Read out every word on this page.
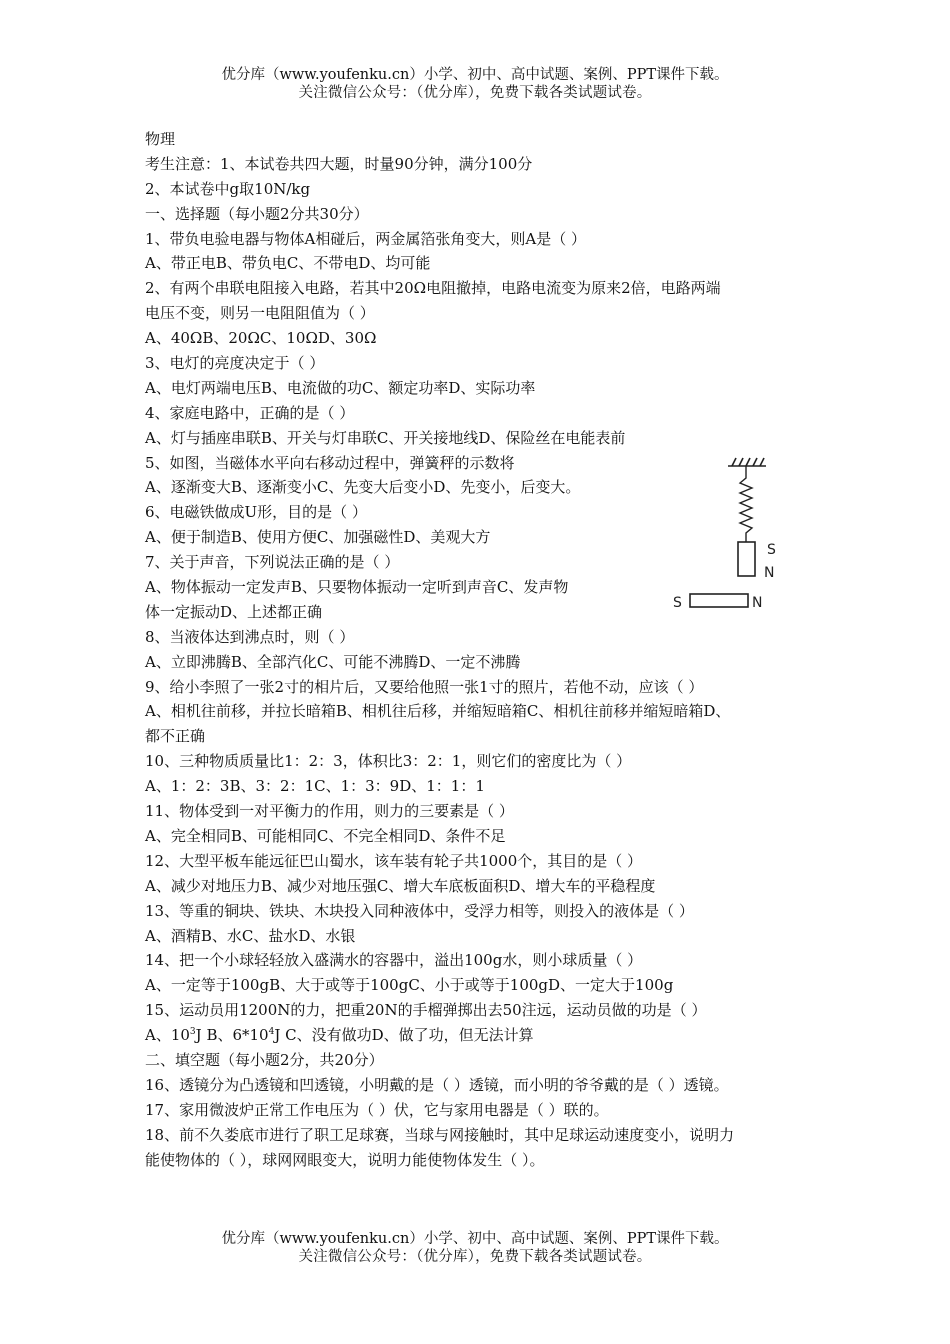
优分库（www.youfenku.cn）小学、初中、高中试题、案例、PPT课件下载。
关注微信公众号：（优分库），免费下载各类试题试卷。
物理
考生注意：1、本试卷共四大题，时量90分钟，满分100分
2、本试卷中g取10N/kg
一、选择题（每小题2分共30分）
1、带负电验电器与物体A相碰后，两金属箔张角变大，则A是（ ）
A、带正电B、带负电C、不带电D、均可能
2、有两个串联电阻接入电路，若其中20Ω电阻撤掉，电路电流变为原来2倍，电路两端
电压不变，则另一电阻阻值为（ ）
A、40ΩB、20ΩC、10ΩD、30Ω
3、电灯的亮度决定于（ ）
A、电灯两端电压B、电流做的功C、额定功率D、实际功率
4、家庭电路中，正确的是（ ）
A、灯与插座串联B、开关与灯串联C、开关接地线D、保险丝在电能表前
5、如图，当磁体水平向右移动过程中，弹簧秤的示数将
A、逐渐变大B、逐渐变小C、先变大后变小D、先变小，后变大。
6、电磁铁做成U形，目的是（ ）
A、便于制造B、使用方便C、加强磁性D、美观大方
7、关于声音，下列说法正确的是（ ）
A、物体振动一定发声B、只要物体振动一定听到声音C、发声物
体一定振动D、上述都正确
8、当液体达到沸点时，则（ ）
A、立即沸腾B、全部汽化C、可能不沸腾D、一定不沸腾
9、给小李照了一张2寸的相片后，又要给他照一张1寸的照片，若他不动，应该（ ）
A、相机往前移，并拉长暗箱B、相机往后移，并缩短暗箱C、相机往前移并缩短暗箱D、
都不正确
10、三种物质质量比1：2：3，体积比3：2：1，则它们的密度比为（ ）
A、1：2：3B、3：2：1C、1：3：9D、1：1：1
11、物体受到一对平衡力的作用，则力的三要素是（ ）
A、完全相同B、可能相同C、不完全相同D、条件不足
12、大型平板车能远征巴山蜀水，该车装有轮子共1000个，其目的是（ ）
A、减少对地压力B、减少对地压强C、增大车底板面积D、增大车的平稳程度
13、等重的铜块、铁块、木块投入同种液体中，受浮力相等，则投入的液体是（ ）
A、酒精B、水C、盐水D、水银
14、把一个小球轻轻放入盛满水的容器中，溢出100g水，则小球质量（ ）
A、一定等于100gB、大于或等于100gC、小于或等于100gD、一定大于100g
15、运动员用1200N的力，把重20N的手榴弹掷出去50注远，运动员做的功是（ ）
A、$10^3J$ B、$6*10^4J$ C、没有做功D、做了功，但无法计算
二、填空题（每小题2分，共20分）
16、透镜分为凸透镜和凹透镜，小明戴的是（ ）透镜，而小明的爷爷戴的是（ ）透镜。
17、家用微波炉正常工作电压为（ ）伏，它与家用电器是（ ）联的。
18、前不久娄底市进行了职工足球赛，当球与网接触时，其中足球运动速度变小，说明力
能使物体的（ ），球网网眼变大，说明力能使物体发生（ ）。
S
N
S	N
优分库（www.youfenku.cn）小学、初中、高中试题、案例、PPT课件下载。
关注微信公众号：（优分库），免费下载各类试题试卷。
